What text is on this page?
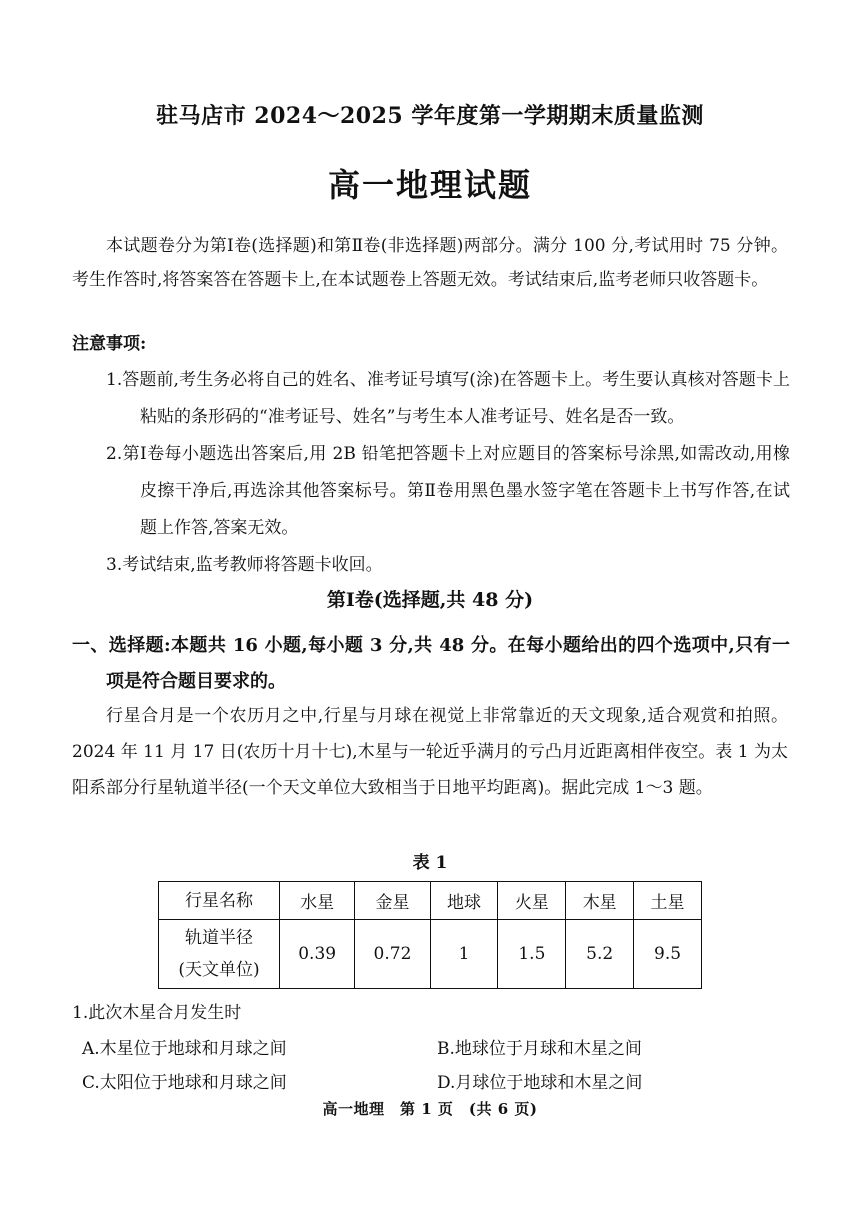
驻马店市 2024～2025 学年度第一学期期末质量监测
高一地理试题

本试题卷分为第Ⅰ卷(选择题)和第Ⅱ卷(非选择题)两部分。满分 100 分,考试用时 75 分钟。考生作答时,将答案答在答题卡上,在本试题卷上答题无效。考试结束后,监考老师只收答题卡。

注意事项:

1.答题前,考生务必将自己的姓名、准考证号填写(涂)在答题卡上。考生要认真核对答题卡上粘贴的条形码的“准考证号、姓名”与考生本人准考证号、姓名是否一致。

2.第Ⅰ卷每小题选出答案后,用 2B 铅笔把答题卡上对应题目的答案标号涂黑,如需改动,用橡皮擦干净后,再选涂其他答案标号。第Ⅱ卷用黑色墨水签字笔在答题卡上书写作答,在试题上作答,答案无效。

3.考试结束,监考教师将答题卡收回。

第Ⅰ卷(选择题,共 48 分)

一、选择题:本题共 16 小题,每小题 3 分,共 48 分。在每小题给出的四个选项中,只有一项是符合题目要求的。

行星合月是一个农历月之中,行星与月球在视觉上非常靠近的天文现象,适合观赏和拍照。2024 年 11 月 17 日(农历十月十七),木星与一轮近乎满月的亏凸月近距离相伴夜空。表 1 为太阳系部分行星轨道半径(一个天文单位大致相当于日地平均距离)。据此完成 1～3 题。

表 1
行星名称	水星	金星	地球	火星	木星	土星
轨道半径
(天文单位)	0.39	0.72	1	1.5	5.2	9.5
1.此次木星合月发生时
A.木星位于地球和月球之间	B.地球位于月球和木星之间
C.太阳位于地球和月球之间	D.月球位于地球和木星之间
高一地理　第 1 页　(共 6 页)
